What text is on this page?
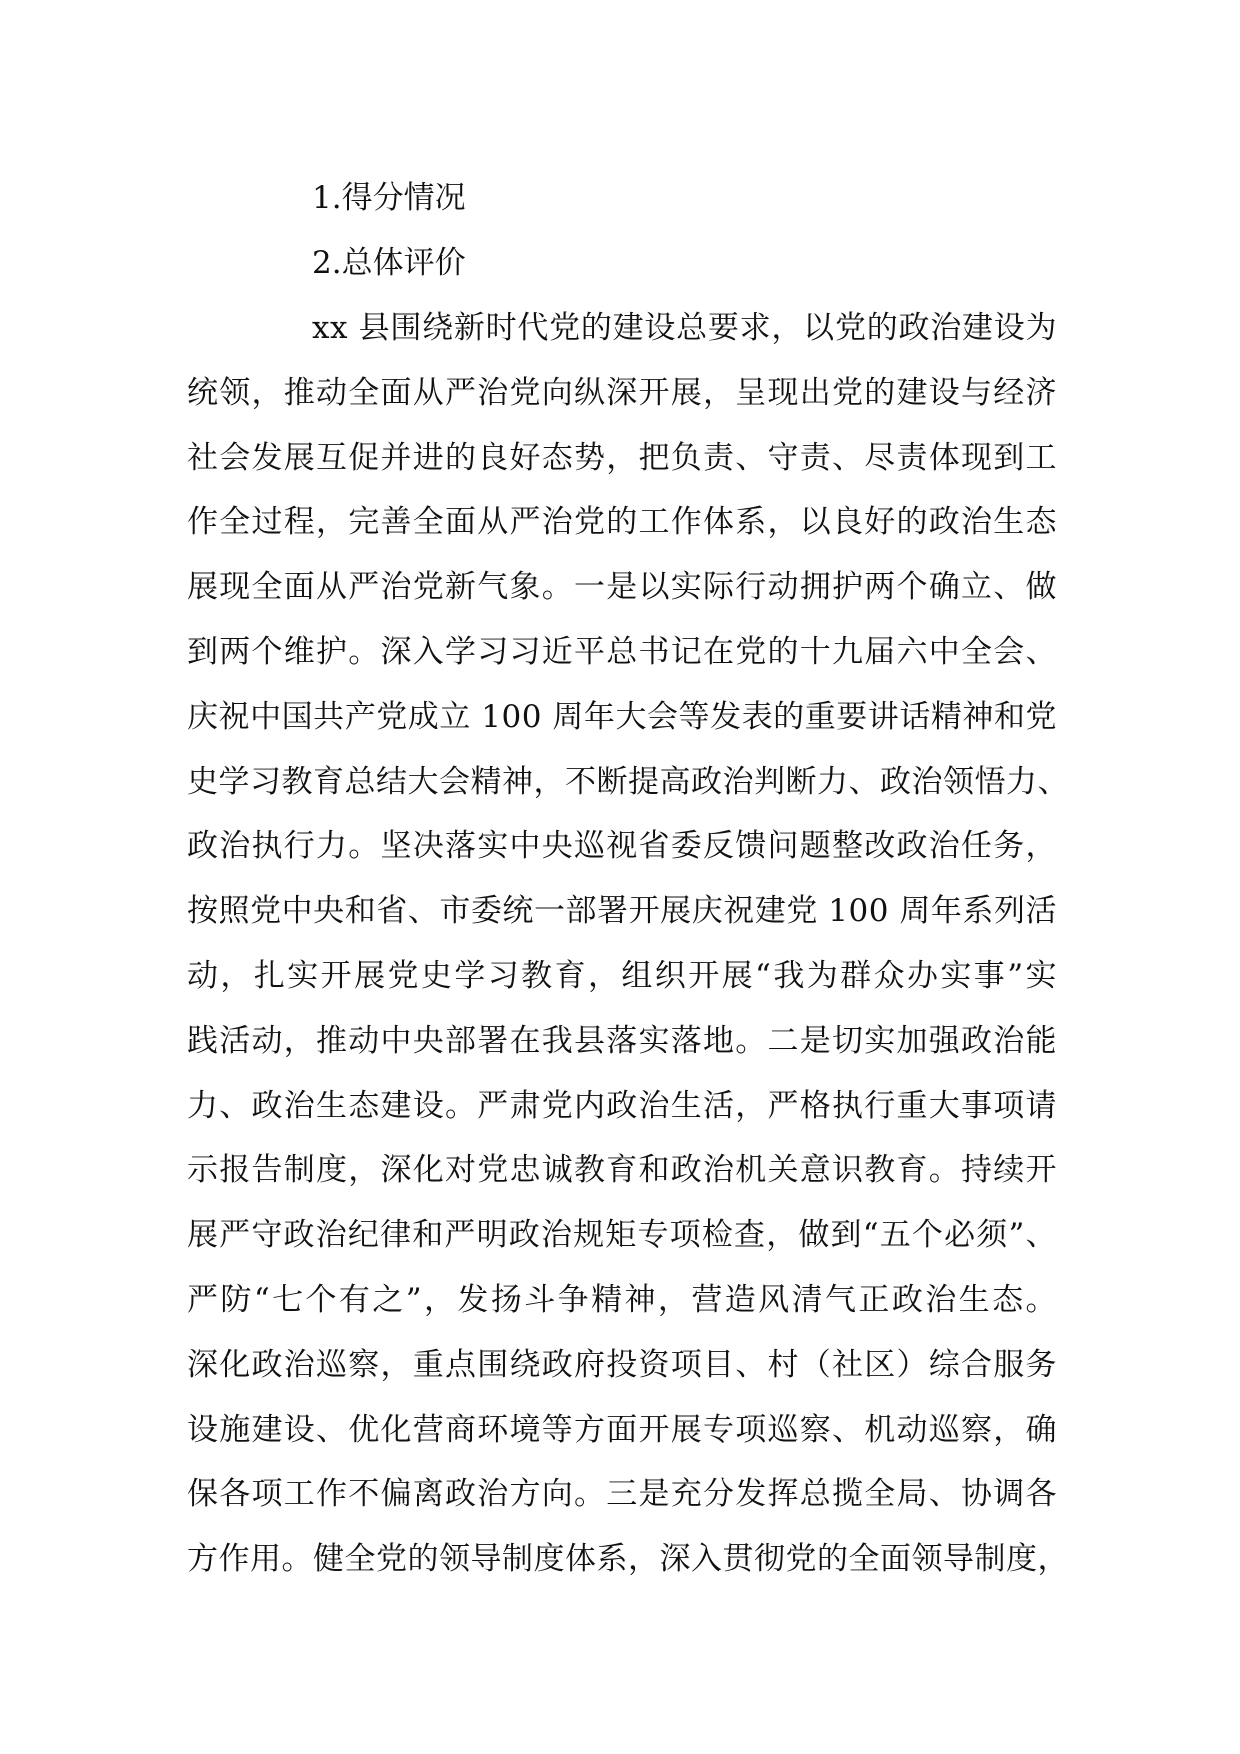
1.得分情况
2.总体评价
xx 县围绕新时代党的建设总要求，以党的政治建设为
统领，推动全面从严治党向纵深开展，呈现出党的建设与经济
社会发展互促并进的良好态势，把负责、守责、尽责体现到工
作全过程，完善全面从严治党的工作体系，以良好的政治生态
展现全面从严治党新气象。一是以实际行动拥护两个确立、做
到两个维护。深入学习习近平总书记在党的十九届六中全会、
庆祝中国共产党成立 100 周年大会等发表的重要讲话精神和党
史学习教育总结大会精神，不断提高政治判断力、政治领悟力、
政治执行力。坚决落实中央巡视省委反馈问题整改政治任务，
按照党中央和省、市委统一部署开展庆祝建党 100 周年系列活
动，扎实开展党史学习教育，组织开展“我为群众办实事”实
践活动，推动中央部署在我县落实落地。二是切实加强政治能
力、政治生态建设。严肃党内政治生活，严格执行重大事项请
示报告制度，深化对党忠诚教育和政治机关意识教育。持续开
展严守政治纪律和严明政治规矩专项检查，做到“五个必须”、
严防“七个有之”，发扬斗争精神，营造风清气正政治生态。
深化政治巡察，重点围绕政府投资项目、村（社区）综合服务
设施建设、优化营商环境等方面开展专项巡察、机动巡察，确
保各项工作不偏离政治方向。三是充分发挥总揽全局、协调各
方作用。健全党的领导制度体系，深入贯彻党的全面领导制度，
